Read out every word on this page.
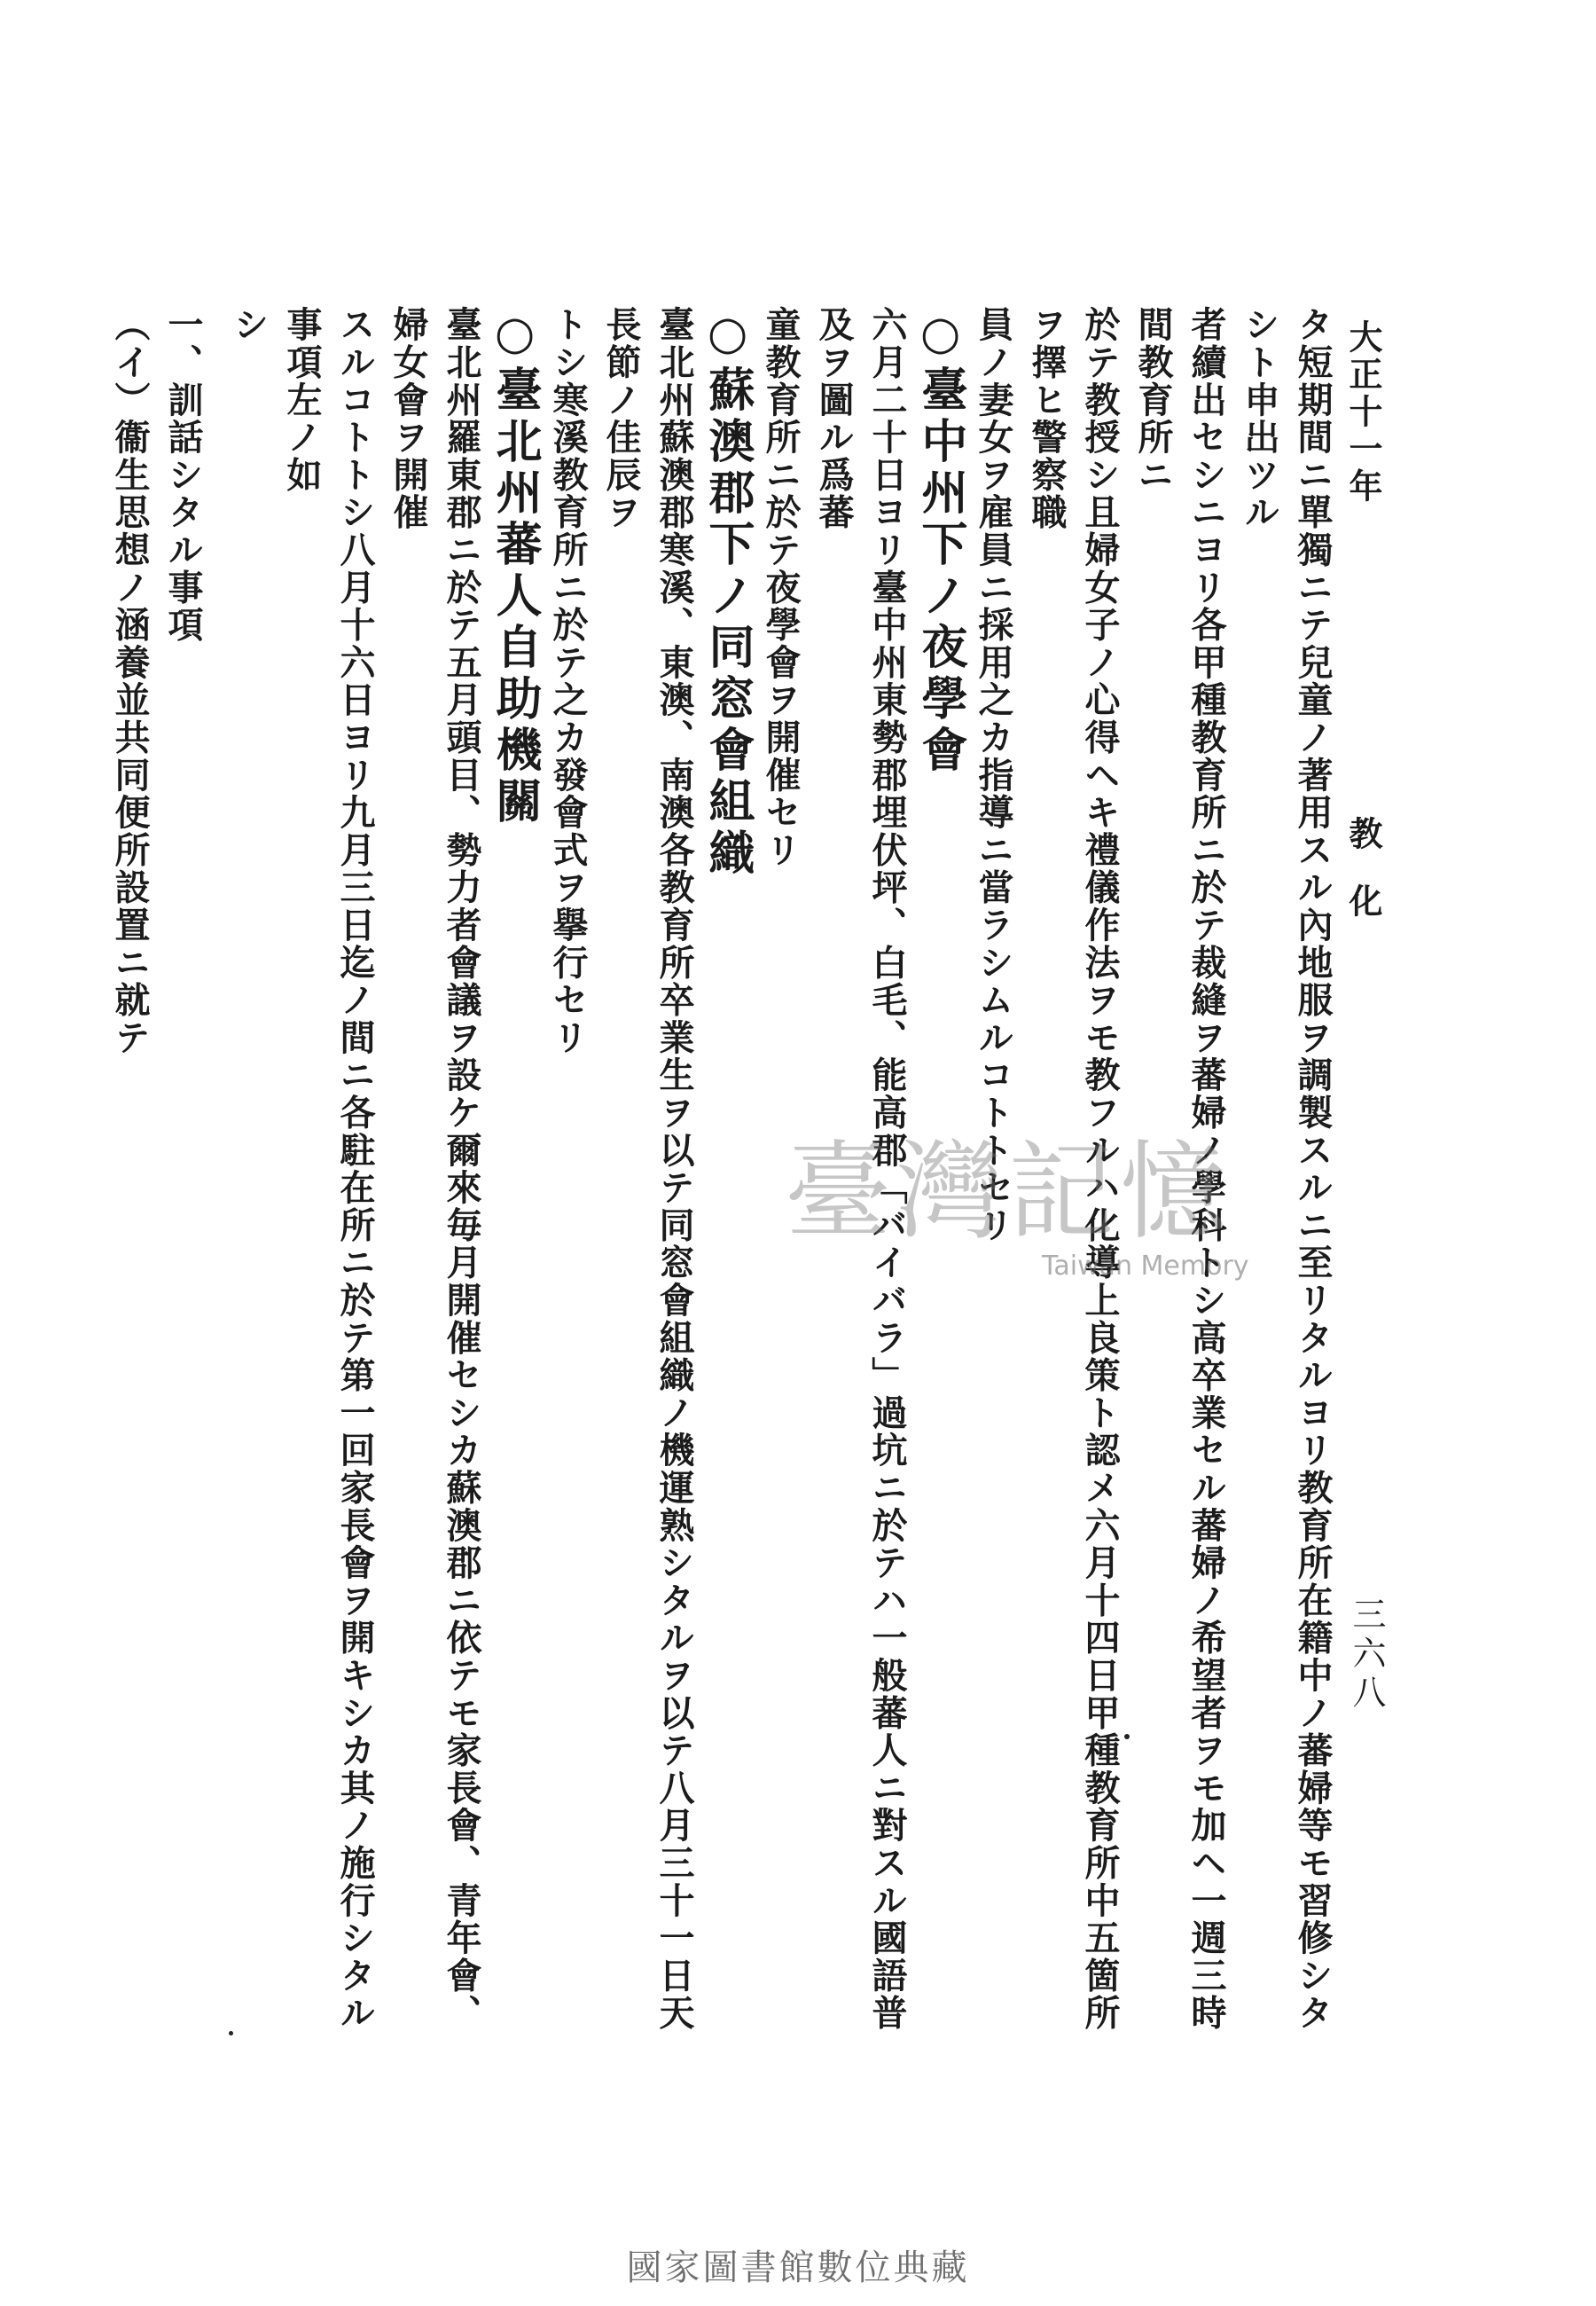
大正十一年
教　化
三六八

タ短期間ニ單獨ニテ兒童ノ著用スル內地服ヲ調製スルニ至リタルヨリ教育所在籍中ノ蕃婦等モ習修シタシト申出ツル

者續出セシニヨリ各甲種教育所ニ於テ裁縫ヲ蕃婦ノ學科トシ高卒業セル蕃婦ノ希望者ヲモ加ヘ一週三時間教育所ニ

於テ教授シ且婦女子ノ心得ヘキ禮儀作法ヲモ教フルハ化導上良策ト認メ六月十四日甲種教育所中五箇所ヲ擇ヒ警察職

員ノ妻女ヲ雇員ニ採用之カ指導ニ當ラシムルコトトセリ

○臺中州下ノ夜學會

六月二十日ヨリ臺中州東勢郡埋伏坪、白毛、能高郡「バイバラ」過坑ニ於テハ一般蕃人ニ對スル國語普及ヲ圖ル爲蕃

童教育所ニ於テ夜學會ヲ開催セリ

○蘇澳郡下ノ同窓會組織

臺北州蘇澳郡寒溪、東澳、南澳各教育所卒業生ヲ以テ同窓會組織ノ機運熟シタルヲ以テ八月三十一日天長節ノ佳辰ヲ

トシ寒溪教育所ニ於テ之カ發會式ヲ擧行セリ

○臺北州蕃人自助機關

臺北州羅東郡ニ於テ五月頭目、勢力者會議ヲ設ケ爾來毎月開催セシカ蘇澳郡ニ依テモ家長會、青年會、婦女會ヲ開催

スルコトトシ八月十六日ヨリ九月三日迄ノ間ニ各駐在所ニ於テ第一回家長會ヲ開キシカ其ノ施行シタル事項左ノ如

シ

一、訓話シタル事項

（イ）衞生思想ノ涵養並共同便所設置ニ就テ

臺灣記憶
Taiwan Memory
國家圖書館數位典藏
